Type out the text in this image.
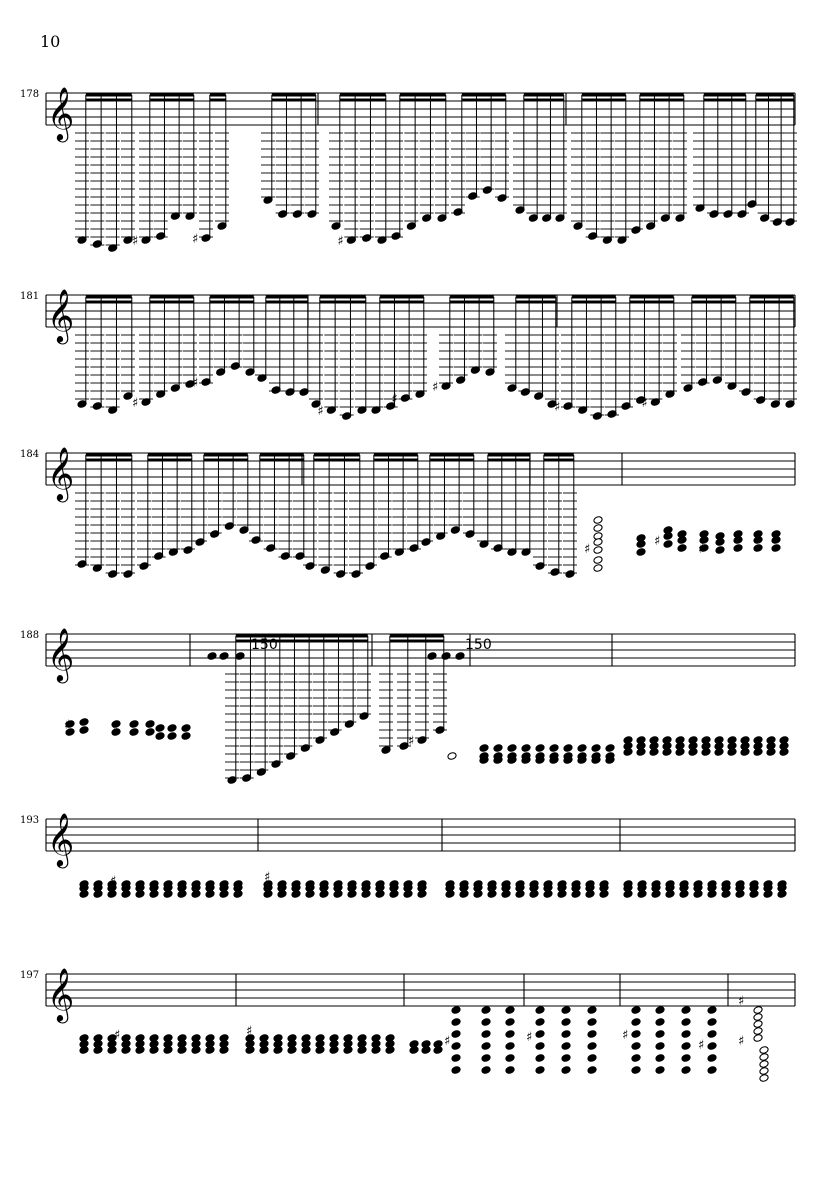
10
178
181
184
188
193
197
150	150
𝄞
𝄞
𝄞
𝄞
𝄞
𝄞
♯	♯	♯
♯
♯
♯
♯
♯
♯	♯
♯
♯
♯
♯	♯
♯
♯	♯
♯	♯
♯	♯	♯
♯
♯
♯
